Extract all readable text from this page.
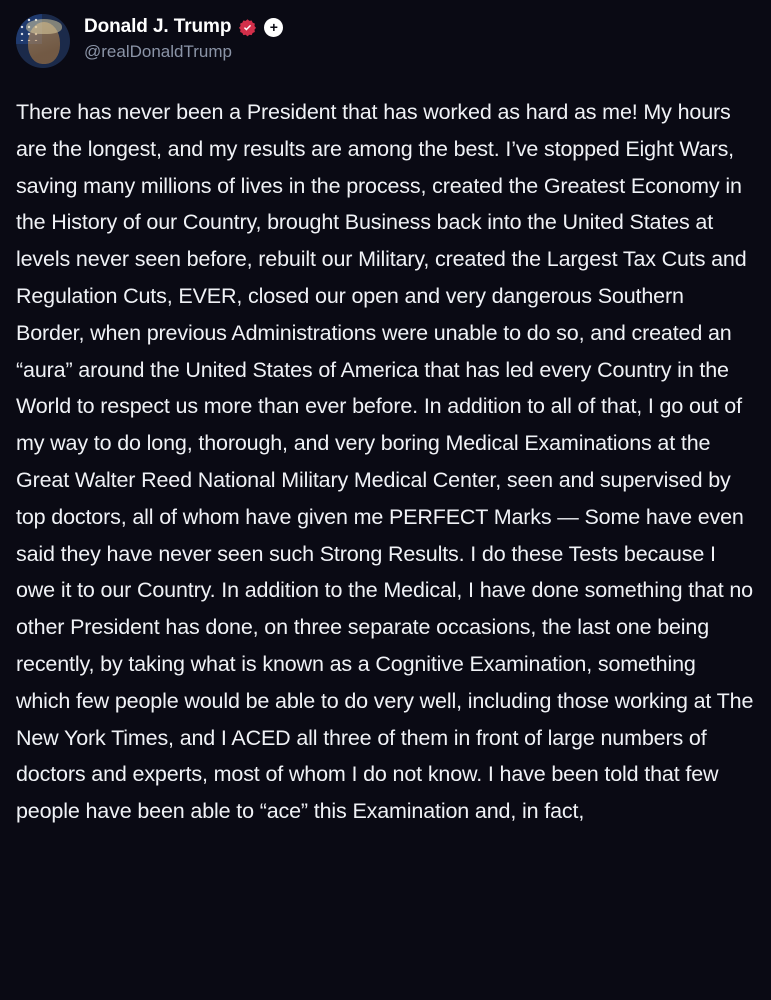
Donald J. Trump	+
@realDonaldTrump
There has never been a President that has worked as hard as me! My hours are the longest, and my results are among the best. I’ve stopped Eight Wars, saving many millions of lives in the process, created the Greatest Economy in the History of our Country, brought Business back into the United States at levels never seen before, rebuilt our Military, created the Largest Tax Cuts and Regulation Cuts, EVER, closed our open and very dangerous Southern Border, when previous Administrations were unable to do so, and created an “aura” around the United States of America that has led every Country in the World to respect us more than ever before. In addition to all of that, I go out of my way to do long, thorough, and very boring Medical Examinations at the Great Walter Reed National Military Medical Center, seen and supervised by top doctors, all of whom have given me PERFECT Marks — Some have even said they have never seen such Strong Results. I do these Tests because I owe it to our Country. In addition to the Medical, I have done something that no other President has done, on three separate occasions, the last one being recently, by taking what is known as a Cognitive Examination, something which few people would be able to do very well, including those working at The New York Times, and I ACED all three of them in front of large numbers of doctors and experts, most of whom I do not know. I have been told that few people have been able to “ace” this Examination and, in fact,
